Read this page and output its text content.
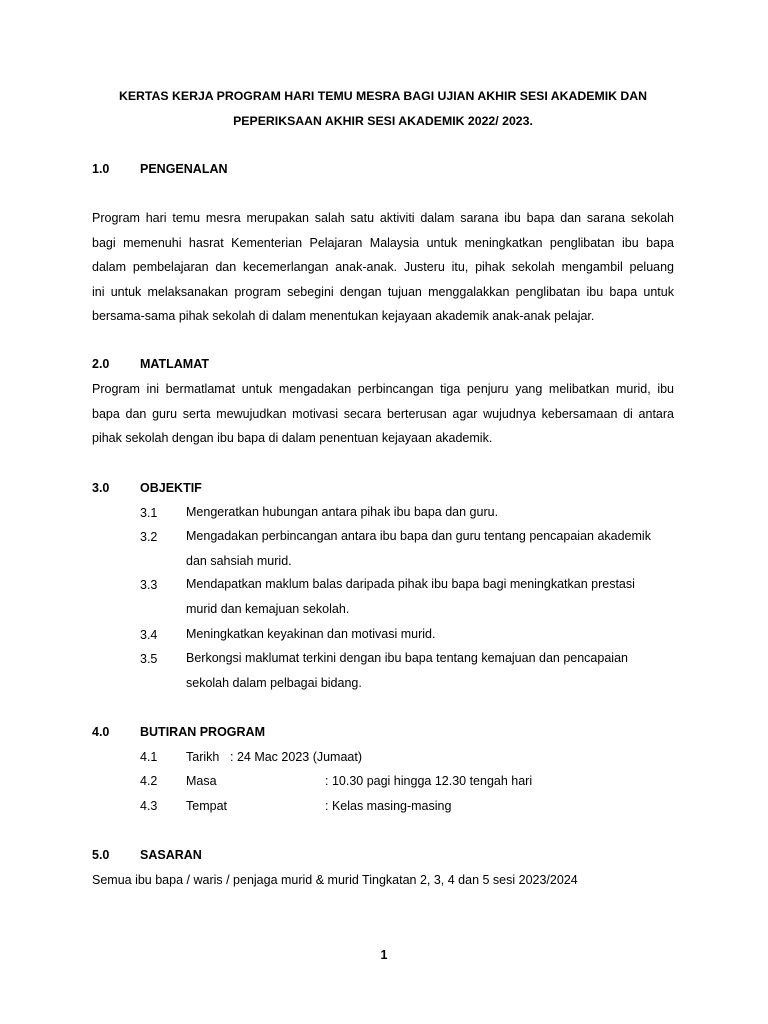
KERTAS KERJA PROGRAM HARI TEMU MESRA BAGI UJIAN AKHIR SESI AKADEMIK DAN
PEPERIKSAAN AKHIR SESI AKADEMIK 2022/ 2023.
1.0 PENGENALAN
Program hari temu mesra merupakan salah satu aktiviti dalam sarana ibu bapa dan sarana sekolah
bagi memenuhi hasrat Kementerian Pelajaran Malaysia untuk meningkatkan penglibatan ibu bapa
dalam pembelajaran dan kecemerlangan anak-anak. Justeru itu, pihak sekolah mengambil peluang
ini untuk melaksanakan program sebegini dengan tujuan menggalakkan penglibatan ibu bapa untuk
bersama-sama pihak sekolah di dalam menentukan kejayaan akademik anak-anak pelajar.
2.0 MATLAMAT
Program ini bermatlamat untuk mengadakan perbincangan tiga penjuru yang melibatkan murid, ibu
bapa dan guru serta mewujudkan motivasi secara berterusan agar wujudnya kebersamaan di antara
pihak sekolah dengan ibu bapa di dalam penentuan kejayaan akademik.
3.0 OBJEKTIF
3.1 Mengeratkan hubungan antara pihak ibu bapa dan guru.
3.2 Mengadakan perbincangan antara ibu bapa dan guru tentang pencapaian akademik
dan sahsiah murid.
3.3 Mendapatkan maklum balas daripada pihak ibu bapa bagi meningkatkan prestasi
murid dan kemajuan sekolah.
3.4 Meningkatkan keyakinan dan motivasi murid.
3.5 Berkongsi maklumat terkini dengan ibu bapa tentang kemajuan dan pencapaian
sekolah dalam pelbagai bidang.
4.0 BUTIRAN PROGRAM
4.1 Tarikh : 24 Mac 2023 (Jumaat)
4.2 Masa	: 10.30 pagi hingga 12.30 tengah hari
4.3 Tempat	: Kelas masing-masing
5.0 SASARAN
Semua ibu bapa / waris / penjaga murid & murid Tingkatan 2, 3, 4 dan 5 sesi 2023/2024
1
